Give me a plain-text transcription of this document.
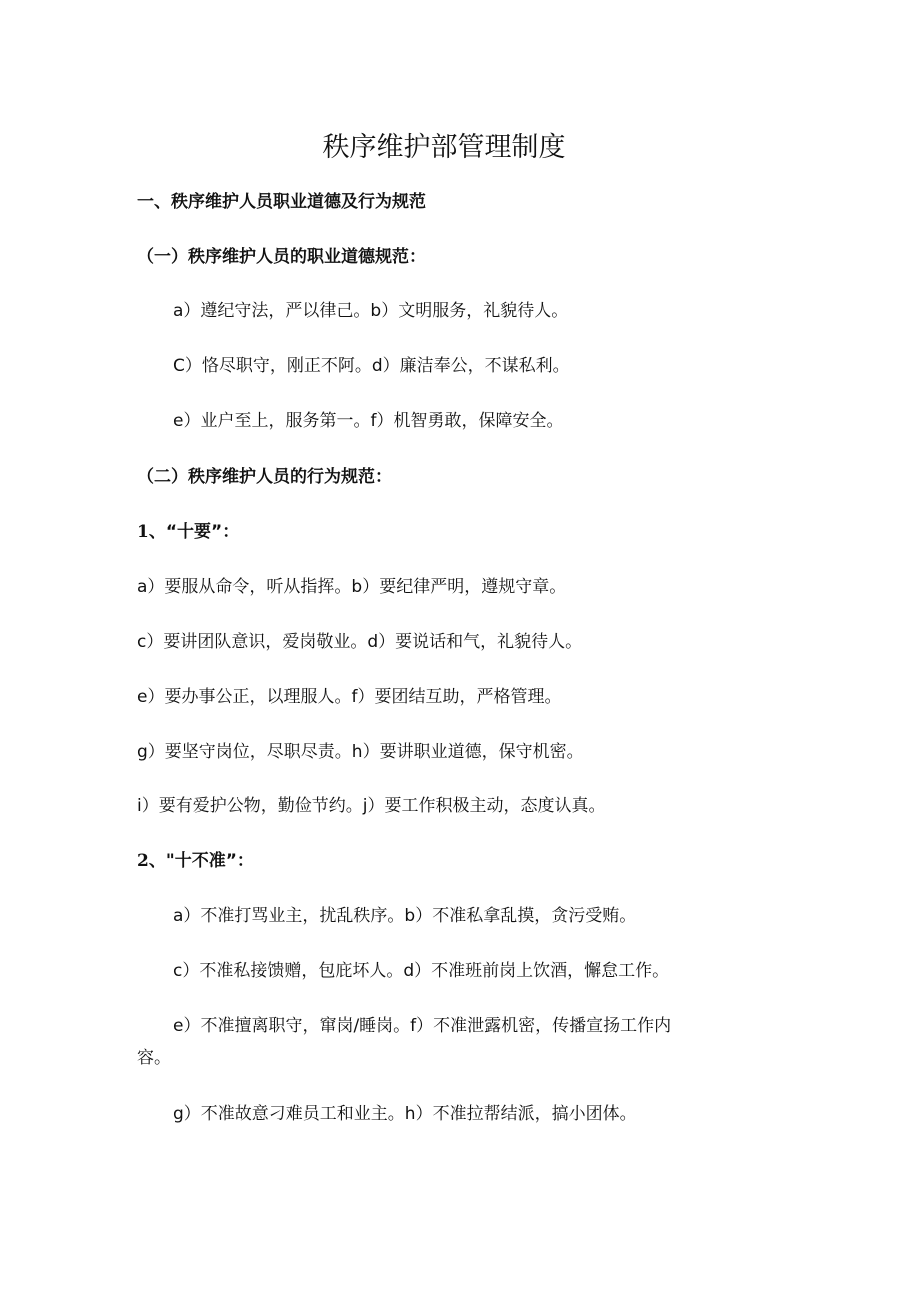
秩序维护部管理制度
一、秩序维护人员职业道德及行为规范
（一）秩序维护人员的职业道德规范：
a）遵纪守法，严以律己。b）文明服务，礼貌待人。
C）恪尽职守，刚正不阿。d）廉洁奉公，不谋私利。
e）业户至上，服务第一。f）机智勇敢，保障安全。
（二）秩序维护人员的行为规范：
1、“十要”：
a）要服从命令，听从指挥。b）要纪律严明，遵规守章。
c）要讲团队意识，爱岗敬业。d）要说话和气，礼貌待人。
e）要办事公正，以理服人。f）要团结互助，严格管理。
g）要坚守岗位，尽职尽责。h）要讲职业道德，保守机密。
i）要有爱护公物，勤俭节约。j）要工作积极主动，态度认真。
2、"十不准”：
a）不准打骂业主，扰乱秩序。b）不准私拿乱摸，贪污受贿。
c）不准私接馈赠，包庇坏人。d）不准班前岗上饮酒，懈怠工作。
e）不准擅离职守，窜岗/睡岗。f）不准泄露机密，传播宣扬工作内
容。
g）不准故意刁难员工和业主。h）不准拉帮结派，搞小团体。
